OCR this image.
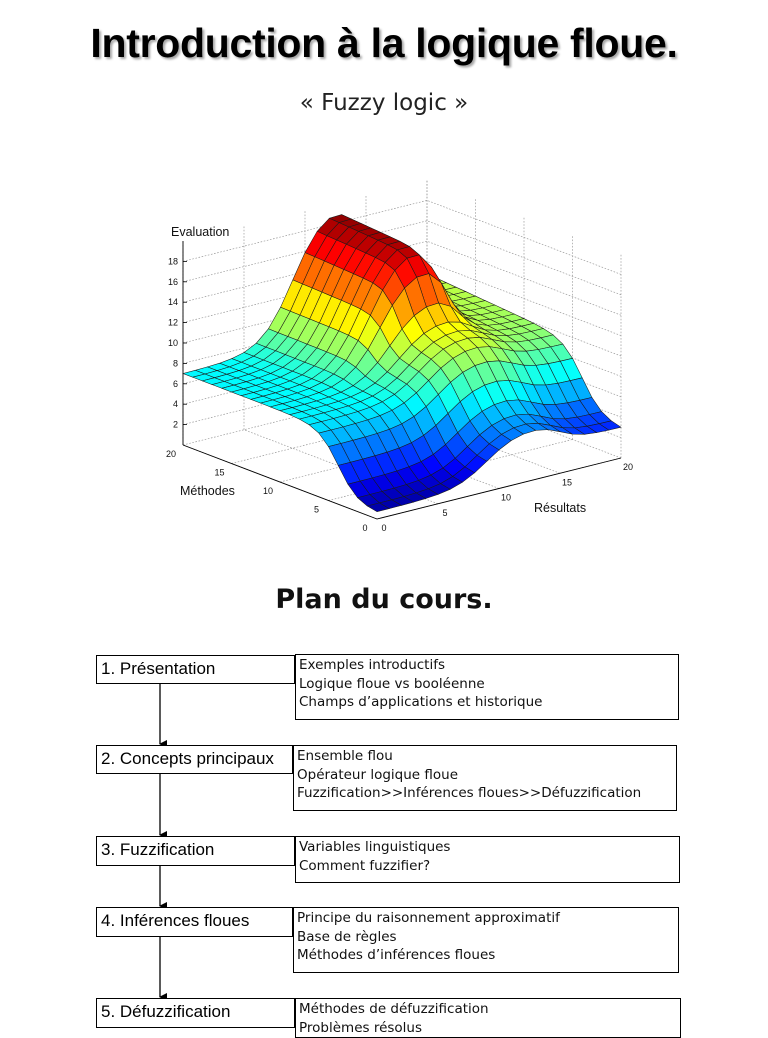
Introduction à la logique floue.

« Fuzzy logic »

2
4
6
8
10
12
14
16
18
20
15
10
5
0 0
5
10
15
20
Evaluation
Méthodes
Résultats
Plan du cours.
1. Présentation	Exemples introductifs
Logique floue vs booléenne
Champs d’applications et historique
2. Concepts principaux	Ensemble flou
Opérateur logique floue
Fuzzification>>Inférences floues>>Défuzzification
3. Fuzzification	Variables linguistiques
Comment fuzzifier?
4. Inférences floues	Principe du raisonnement approximatif
Base de règles
Méthodes d’inférences floues
5. Défuzzification	Méthodes de défuzzification
Problèmes résolus
